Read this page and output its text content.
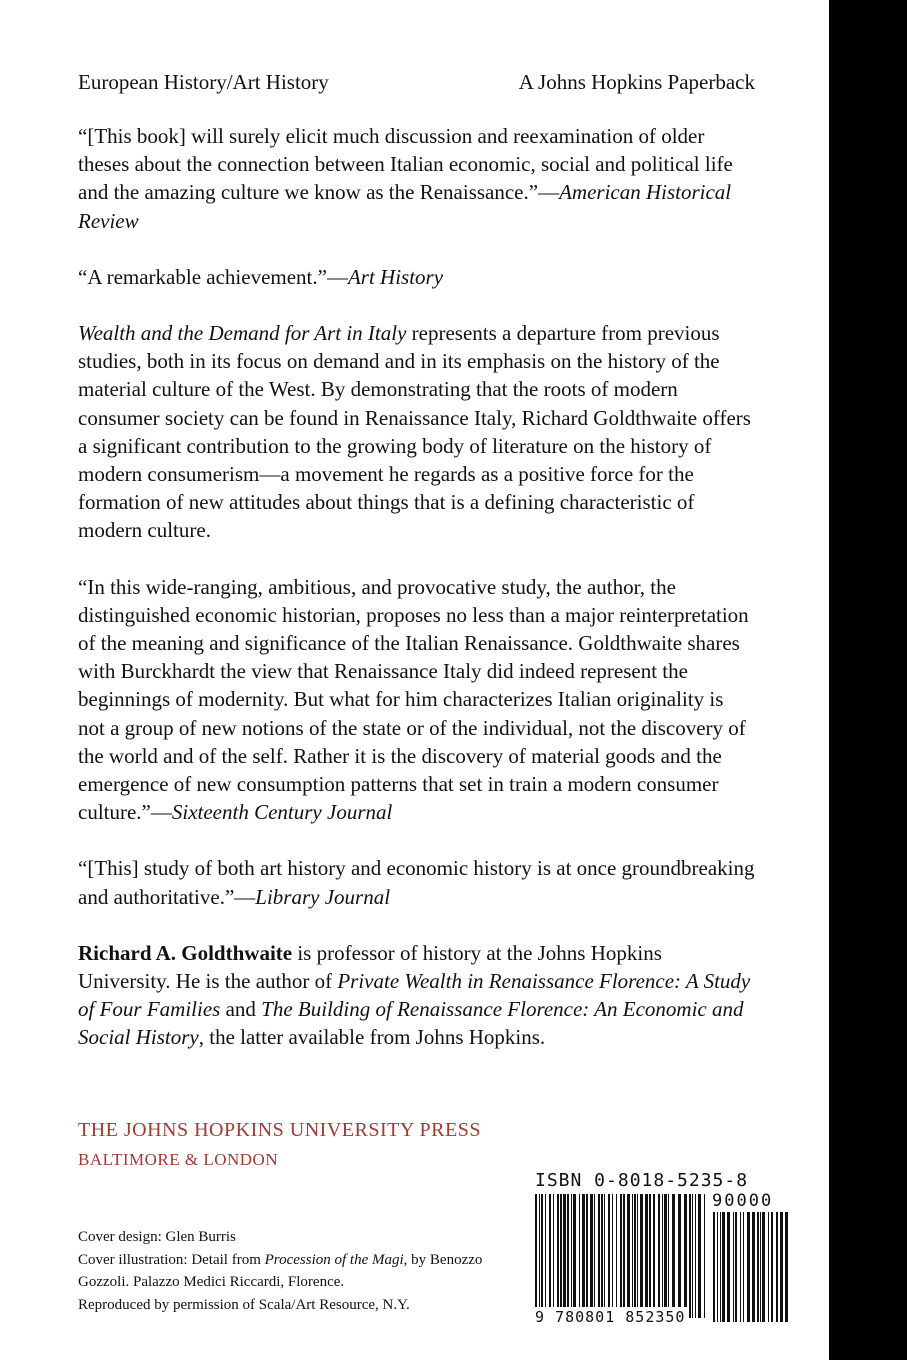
European History/Art History	A Johns Hopkins Paperback

“[This book] will surely elicit much discussion and reexamination of older theses about the connection between Italian economic, social and political life and the amazing culture we know as the Renaissance.”—American Historical Review

“A remarkable achievement.”—Art History

Wealth and the Demand for Art in Italy represents a departure from previous studies, both in its focus on demand and in its emphasis on the history of the material culture of the West. By demonstrating that the roots of modern consumer society can be found in Renaissance Italy, Richard Goldthwaite offers a significant contribution to the growing body of literature on the history of modern consumerism—a movement he regards as a positive force for the formation of new attitudes about things that is a defining characteristic of modern culture.

“In this wide-ranging, ambitious, and provocative study, the author, the distinguished economic historian, proposes no less than a major reinterpretation of the meaning and significance of the Italian Renaissance. Goldthwaite shares with Burckhardt the view that Renaissance Italy did indeed represent the beginnings of modernity. But what for him characterizes Italian originality is not a group of new notions of the state or of the individual, not the discovery of the world and of the self. Rather it is the discovery of material goods and the emergence of new consumption patterns that set in train a modern consumer culture.”—Sixteenth Century Journal

“[This] study of both art history and economic history is at once groundbreaking and authoritative.”—Library Journal

Richard A. Goldthwaite is professor of history at the Johns Hopkins University. He is the author of Private Wealth in Renaissance Florence: A Study of Four Families and The Building of Renaissance Florence: An Economic and Social History, the latter available from Johns Hopkins.

THE JOHNS HOPKINS UNIVERSITY PRESS
BALTIMORE & LONDON
Cover design: Glen Burris
Cover illustration: Detail from Procession of the Magi, by Benozzo Gozzoli. Palazzo Medici Riccardi, Florence.
Reproduced by permission of Scala/Art Resource, N.Y.
ISBN 0-8018-5235-8
90000
9 780801 852350
